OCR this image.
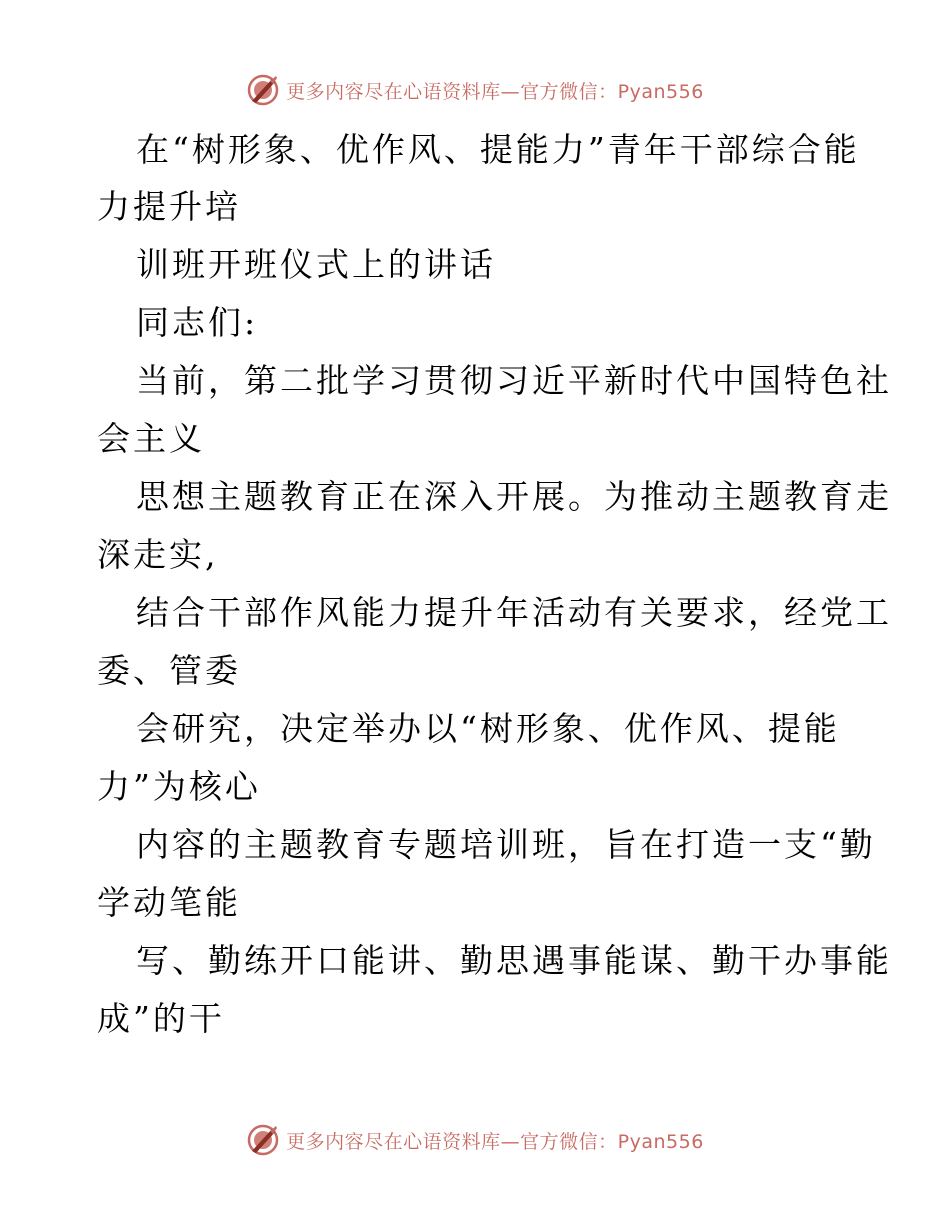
更多内容尽在心语资料库—官方微信：Pyan556
在“树形象、优作风、提能力”青年干部综合能
力提升培
训班开班仪式上的讲话
同志们:
当前，第二批学习贯彻习近平新时代中国特色社
会主义
思想主题教育正在深入开展。为推动主题教育走
深走实,
结合干部作风能力提升年活动有关要求，经党工
委、管委
会研究，决定举办以“树形象、优作风、提能
力”为核心
内容的主题教育专题培训班，旨在打造一支“勤
学动笔能
写、勤练开口能讲、勤思遇事能谋、勤干办事能
成”的干
更多内容尽在心语资料库—官方微信：Pyan556
